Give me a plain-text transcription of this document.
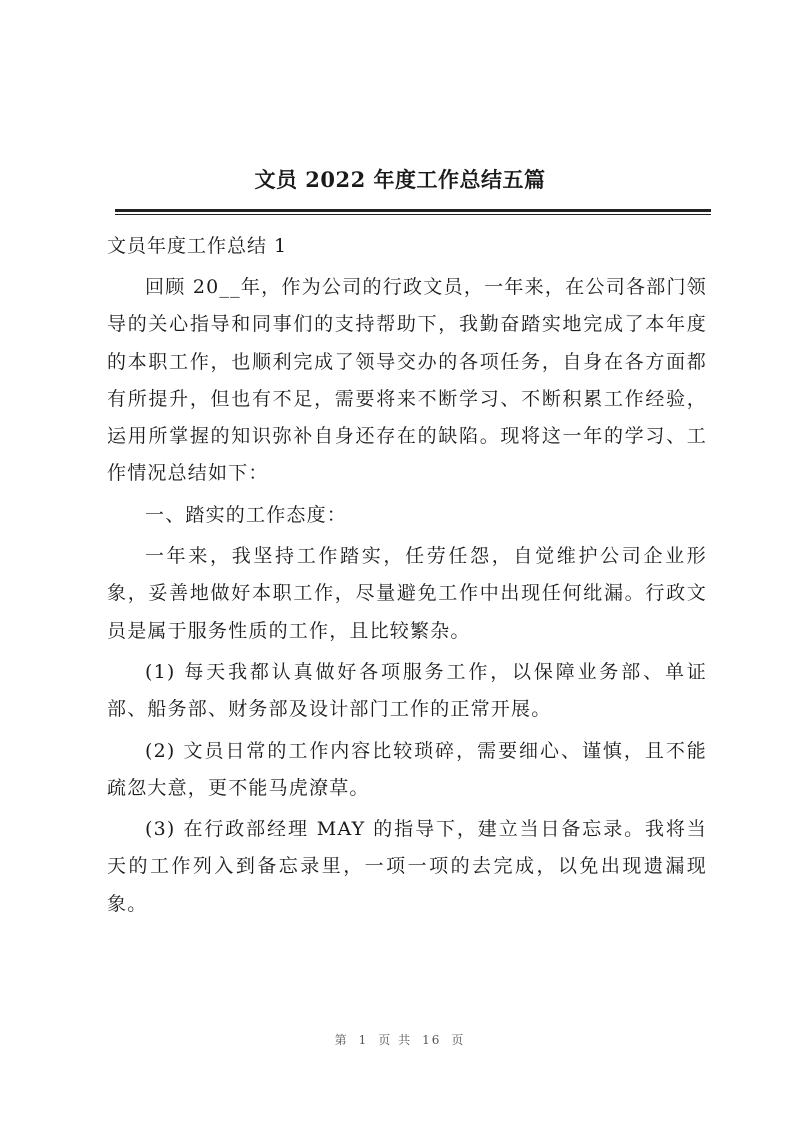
文员 2022 年度工作总结五篇

文员年度工作总结 1

回顾 20__年，作为公司的行政文员，一年来，在公司各部门领导的关心指导和同事们的支持帮助下，我勤奋踏实地完成了本年度的本职工作，也顺利完成了领导交办的各项任务，自身在各方面都有所提升，但也有不足，需要将来不断学习、不断积累工作经验，运用所掌握的知识弥补自身还存在的缺陷。现将这一年的学习、工作情况总结如下：

一、踏实的工作态度：

一年来，我坚持工作踏实，任劳任怨，自觉维护公司企业形象，妥善地做好本职工作，尽量避免工作中出现任何纰漏。行政文员是属于服务性质的工作，且比较繁杂。

(1) 每天我都认真做好各项服务工作，以保障业务部、单证部、船务部、财务部及设计部门工作的正常开展。

(2) 文员日常的工作内容比较琐碎，需要细心、谨慎，且不能疏忽大意，更不能马虎潦草。

(3) 在行政部经理 MAY 的指导下，建立当日备忘录。我将当天的工作列入到备忘录里，一项一项的去完成，以免出现遗漏现象。

第 1 页 共 16 页
